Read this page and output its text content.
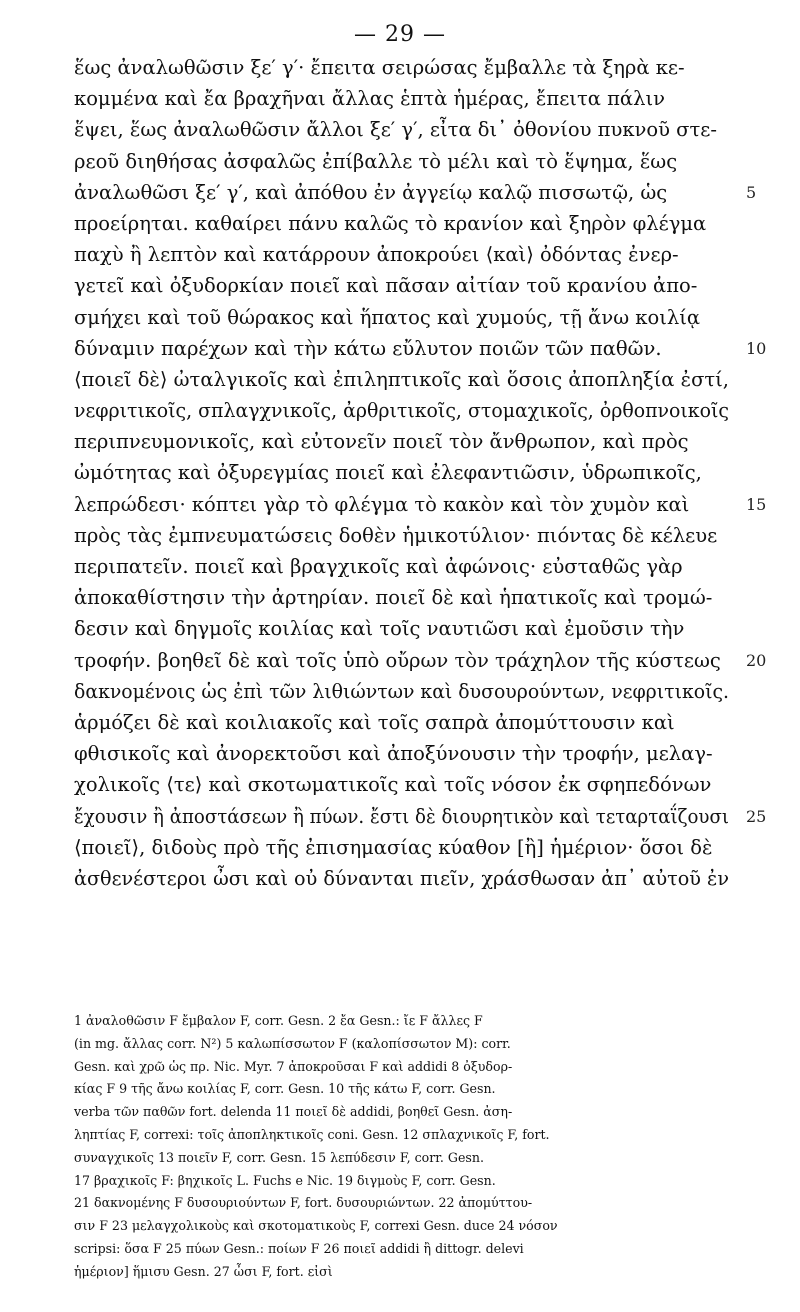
— 29 —
ἕως ἀναλωθῶσιν ξε′ γ′· ἔπειτα σειρώσας ἔμβαλλε τὰ ξηρὰ κε-
κομμένα καὶ ἔα βραχῆναι ἄλλας ἑπτὰ ἡμέρας, ἔπειτα πάλιν
ἕψει, ἕως ἀναλωθῶσιν ἄλλοι ξε′ γ′, εἶτα δι᾽ ὀθονίου πυκνοῦ στε-
ρεοῦ διηθήσας ἀσφαλῶς ἐπίβαλλε τὸ μέλι καὶ τὸ ἕψημα, ἕως
ἀναλωθῶσι ξε′ γ′, καὶ ἀπόθου ἐν ἀγγείῳ καλῷ πισσωτῷ, ὡς	5
προείρηται. καθαίρει πάνυ καλῶς τὸ κρανίον καὶ ξηρὸν φλέγμα
παχὺ ἢ λεπτὸν καὶ κατάρρουν ἀποκρούει ⟨καὶ⟩ ὀδόντας ἐνερ-
γετεῖ καὶ ὀξυδορκίαν ποιεῖ καὶ πᾶσαν αἰτίαν τοῦ κρανίου ἀπο-
σμήχει καὶ τοῦ θώρακος καὶ ἥπατος καὶ χυμούς, τῇ ἄνω κοιλίᾳ
δύναμιν παρέχων καὶ τὴν κάτω εὔλυτον ποιῶν τῶν παθῶν.	10
⟨ποιεῖ δὲ⟩ ὠταλγικοῖς καὶ ἐπιληπτικοῖς καὶ ὅσοις ἀποπληξία ἐστί,
νεφριτικοῖς, σπλαγχνικοῖς, ἀρθριτικοῖς, στομαχικοῖς, ὀρθοπνοικοῖς
περιπνευμονικοῖς, καὶ εὐτονεῖν ποιεῖ τὸν ἄνθρωπον, καὶ πρὸς
ὠμότητας καὶ ὀξυρεγμίας ποιεῖ καὶ ἐλεφαντιῶσιν, ὑδρωπικοῖς,
λεπρώδεσι· κόπτει γὰρ τὸ φλέγμα τὸ κακὸν καὶ τὸν χυμὸν καὶ	15
πρὸς τὰς ἐμπνευματώσεις δοθὲν ἡμικοτύλιον· πιόντας δὲ κέλευε
περιπατεῖν. ποιεῖ καὶ βραγχικοῖς καὶ ἀφώνοις· εὐσταθῶς γὰρ
ἀποκαθίστησιν τὴν ἀρτηρίαν. ποιεῖ δὲ καὶ ἡπατικοῖς καὶ τρομώ-
δεσιν καὶ δηγμοῖς κοιλίας καὶ τοῖς ναυτιῶσι καὶ ἐμοῦσιν τὴν
τροφήν. βοηθεῖ δὲ καὶ τοῖς ὑπὸ οὔρων τὸν τράχηλον τῆς κύστεως 20
δακνομένοις ὡς ἐπὶ τῶν λιθιώντων καὶ δυσουρούντων, νεφριτικοῖς.
ἁρμόζει δὲ καὶ κοιλιακοῖς καὶ τοῖς σαπρὰ ἀπομύττουσιν καὶ
φθισικοῖς καὶ ἀνορεκτοῦσι καὶ ἀποξύνουσιν τὴν τροφήν, μελαγ-
χολικοῖς ⟨τε⟩ καὶ σκοτωματικοῖς καὶ τοῖς νόσον ἐκ σφηπεδόνων
ἔχουσιν ἢ ἀποστάσεων ἢ πύων. ἔστι δὲ διουρητικὸν καὶ τεταρταΐζουσι 25
⟨ποιεῖ⟩, διδοὺς πρὸ τῆς ἐπισημασίας κύαθον [ἢ] ἡμέριον· ὅσοι δὲ
ἀσθενέστεροι ὦσι καὶ οὐ δύνανται πιεῖν, χράσθωσαν ἀπ᾽ αὐτοῦ ἐν
1 ἀναλοθῶσιν F ἔμβαλον F, corr. Gesn. 2 ἔα Gesn.: ἴε F ἄλλες F
(in mg. ἄλλας corr. N²) 5 καλωπίσσωτον F (καλοπίσσωτον M): corr.
Gesn. καὶ χρῶ ὡς πρ. Nic. Myr. 7 ἀποκροῦσαι F καὶ addidi 8 ὀξυδορ-
κίας F 9 τῆς ἄνω κοιλίας F, corr. Gesn. 10 τῆς κάτω F, corr. Gesn.
verba τῶν παθῶν fort. delenda 11 ποιεῖ δὲ addidi, βοηθεῖ Gesn. ἀση-
ληπτίας F, correxi: τοῖς ἀποπληκτικοῖς coni. Gesn. 12 σπλαχνικοῖς F, fort.
συναγχικοῖς 13 ποιεῖν F, corr. Gesn. 15 λεπύδεσιν F, corr. Gesn.
17 βραχικοῖς F: βηχικοῖς L. Fuchs e Nic. 19 διγμοὺς F, corr. Gesn.
21 δακνομένης F δυσουριούντων F, fort. δυσουριώντων. 22 ἀπομύττου-
σιν F 23 μελαγχολικοὺς καὶ σκοτοματικοὺς F, correxi Gesn. duce 24 νόσον
scripsi: ὅσα F 25 πύων Gesn.: ποίων F 26 ποιεῖ addidi ἢ dittogr. delevi
ἡμέριον] ἥμισυ Gesn. 27 ὦσι F, fort. εἰσὶ
